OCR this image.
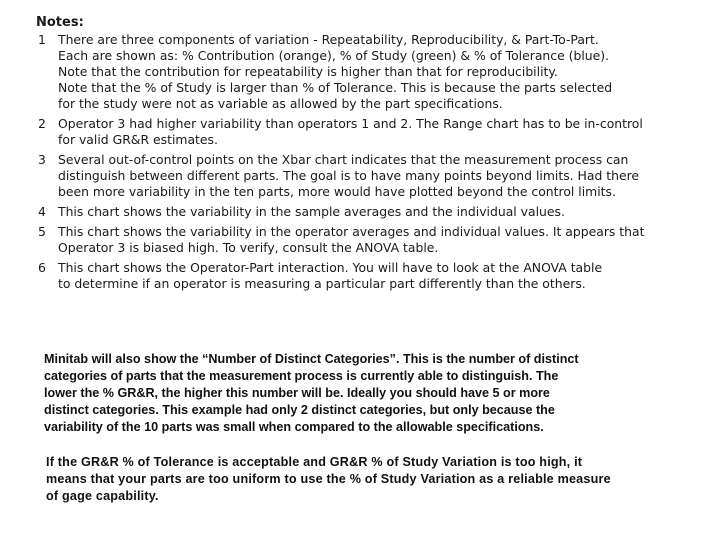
Notes:
1 There are three components of variation - Repeatability, Reproducibility, & Part-To-Part.
Each are shown as: % Contribution (orange), % of Study (green) & % of Tolerance (blue).
Note that the contribution for repeatability is higher than that for reproducibility.
Note that the % of Study is larger than % of Tolerance. This is because the parts selected
for the study were not as variable as allowed by the part specifications.
2 Operator 3 had higher variability than operators 1 and 2. The Range chart has to be in-control
for valid GR&R estimates.
3 Several out-of-control points on the Xbar chart indicates that the measurement process can
distinguish between different parts. The goal is to have many points beyond limits. Had there
been more variability in the ten parts, more would have plotted beyond the control limits.
4 This chart shows the variability in the sample averages and the individual values.
5 This chart shows the variability in the operator averages and individual values. It appears that
Operator 3 is biased high. To verify, consult the ANOVA table.
6 This chart shows the Operator-Part interaction. You will have to look at the ANOVA table
to determine if an operator is measuring a particular part differently than the others.
Minitab will also show the “Number of Distinct Categories”. This is the number of distinct
categories of parts that the measurement process is currently able to distinguish. The
lower the % GR&R, the higher this number will be. Ideally you should have 5 or more
distinct categories. This example had only 2 distinct categories, but only because the
variability of the 10 parts was small when compared to the allowable specifications.
If the GR&R % of Tolerance is acceptable and GR&R % of Study Variation is too high, it
means that your parts are too uniform to use the % of Study Variation as a reliable measure
of gage capability.
